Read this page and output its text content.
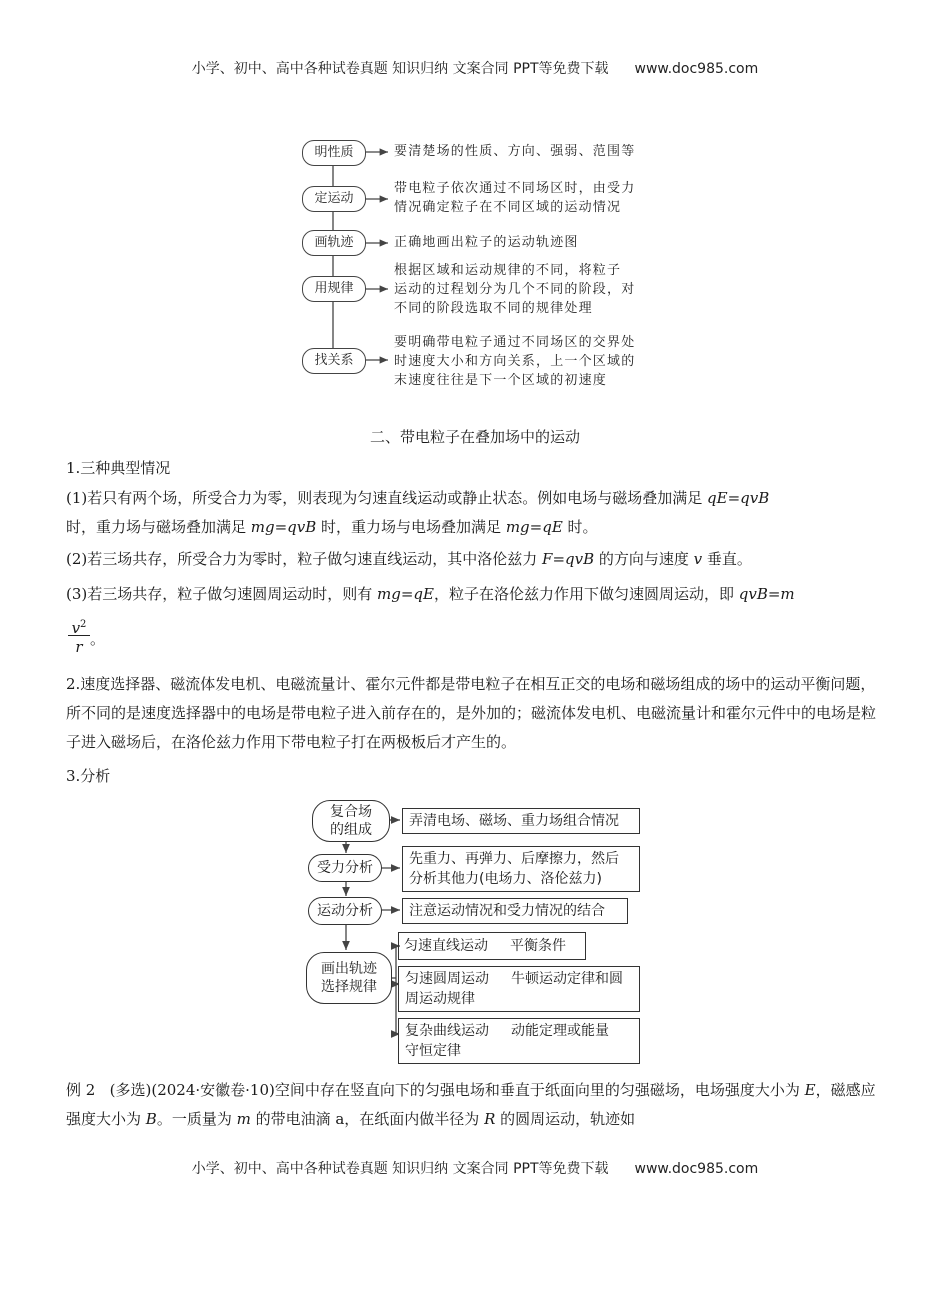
小学、初中、高中各种试卷真题 知识归纳 文案合同 PPT等免费下载 www.doc985.com
明性质	要清楚场的性质、方向、强弱、范围等
定运动
带电粒子依次通过不同场区时，由受力
情况确定粒子在不同区域的运动情况
画轨迹	正确地画出粒子的运动轨迹图
用规律
根据区域和运动规律的不同，将粒子
运动的过程划分为几个不同的阶段，对
不同的阶段选取不同的规律处理
找关系
要明确带电粒子通过不同场区的交界处
时速度大小和方向关系，上一个区域的
末速度往往是下一个区域的初速度
二、带电粒子在叠加场中的运动
1.三种典型情况
(1)若只有两个场，所受合力为零，则表现为匀速直线运动或静止状态。例如电场与磁场叠加满足 qE=qvB
时，重力场与磁场叠加满足 mg=qvB 时，重力场与电场叠加满足 mg=qE 时。
(2)若三场共存，所受合力为零时，粒子做匀速直线运动，其中洛伦兹力 F=qvB 的方向与速度 v 垂直。
(3)若三场共存，粒子做匀速圆周运动时，则有 mg=qE，粒子在洛伦兹力作用下做匀速圆周运动，即 qvB=m
$v^2$
r 。
2.速度选择器、磁流体发电机、电磁流量计、霍尔元件都是带电粒子在相互正交的电场和磁场组成的场中的运动平衡问题，所不同的是速度选择器中的电场是带电粒子进入前存在的，是外加的；磁流体发电机、电磁流量计和霍尔元件中的电场是粒子进入磁场后，在洛伦兹力作用下带电粒子打在两极板后才产生的。
3.分析
复合场
的组成
受力分析
运动分析
画出轨迹
选择规律
弄清电场、磁场、重力场组合情况
先重力、再弹力、后摩擦力，然后
分析其他力(电场力、洛伦兹力)
注意运动情况和受力情况的结合
匀速直线运动 平衡条件
匀速圆周运动 牛顿运动定律和圆
周运动规律
复杂曲线运动 动能定理或能量
守恒定律
例 2 (多选)(2024·安徽卷·10)空间中存在竖直向下的匀强电场和垂直于纸面向里的匀强磁场，电场强度大小为 E，磁感应强度大小为 B。一质量为 m 的带电油滴 a，在纸面内做半径为 R 的圆周运动，轨迹如
小学、初中、高中各种试卷真题 知识归纳 文案合同 PPT等免费下载 www.doc985.com
